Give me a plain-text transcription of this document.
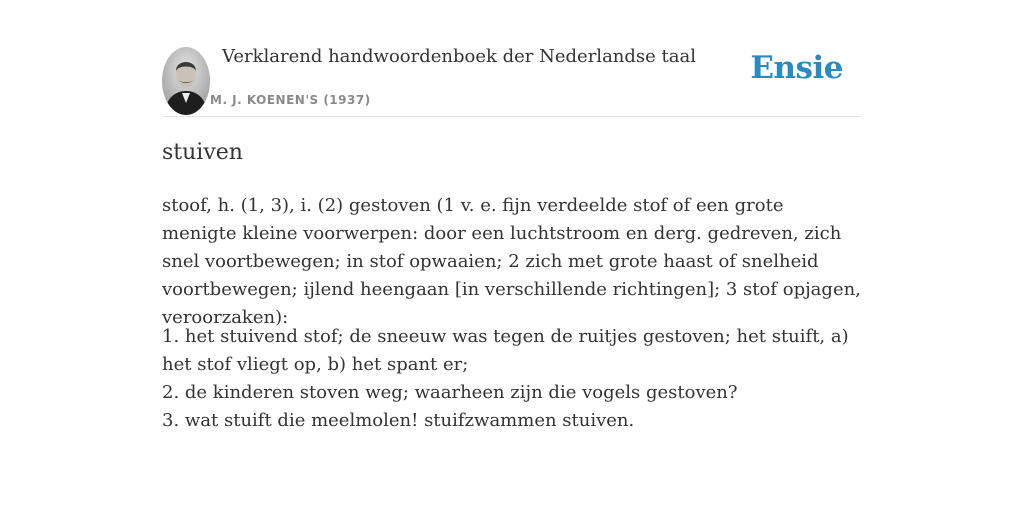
Verklarend handwoordenboek der Nederlandse taal
M. J. KOENEN'S (1937)
Ensie
stuiven

stoof, h. (1, 3), i. (2) gestoven (1 v. e. fijn verdeelde stof of een grote menigte kleine voorwerpen: door een luchtstroom en derg. gedreven, zich snel voortbewegen; in stof opwaaien; 2 zich met grote haast of snelheid voortbewegen; ijlend heengaan [in verschillende richtingen]; 3 stof opjagen, veroorzaken):

1. het stuivend stof; de sneeuw was tegen de ruitjes gestoven; het stuift, a) het stof vliegt op, b) het spant er;
2. de kinderen stoven weg; waarheen zijn die vogels gestoven?
3. wat stuift die meelmolen! stuifzwammen stuiven.
